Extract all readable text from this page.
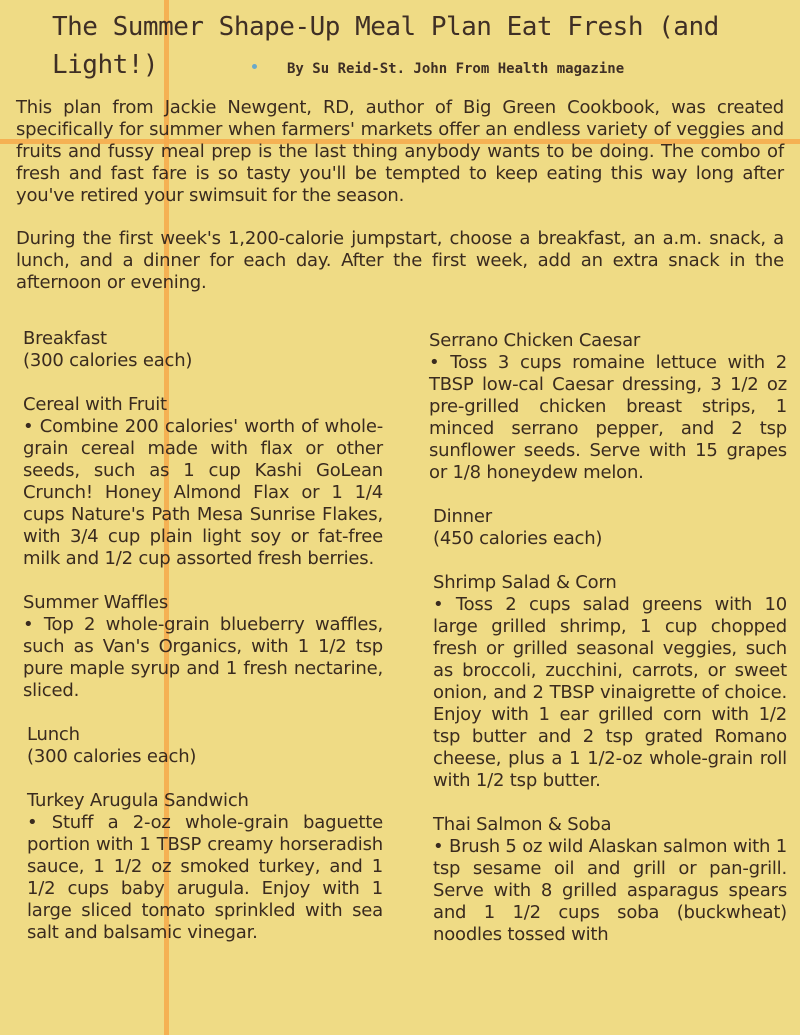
The Summer Shape-Up Meal Plan Eat Fresh (and Light!)	By Su Reid-St. John From Health magazine

This plan from Jackie Newgent, RD, author of Big Green Cookbook, was created specifically for summer when farmers' markets offer an endless variety of veggies and fruits and fussy meal prep is the last thing anybody wants to be doing. The combo of fresh and fast fare is so tasty you'll be tempted to keep eating this way long after you've retired your swimsuit for the season.

During the first week's 1,200-calorie jumpstart, choose a breakfast, an a.m. snack, a lunch, and a dinner for each day. After the first week, add an extra snack in the afternoon or evening.

Breakfast
(300 calories each)
Cereal with Fruit

• Combine 200 calories' worth of whole-grain cereal made with flax or other seeds, such as 1 cup Kashi GoLean Crunch! Honey Almond Flax or 1 1/4 cups Nature's Path Mesa Sunrise Flakes, with 3/4 cup plain light soy or fat-free milk and 1/2 cup assorted fresh berries.

Summer Waffles

• Top 2 whole-grain blueberry waffles, such as Van's Organics, with 1 1/2 tsp pure maple syrup and 1 fresh nectarine, sliced.

Lunch
(300 calories each)
Turkey Arugula Sandwich

• Stuff a 2-oz whole-grain baguette portion with 1 TBSP creamy horseradish sauce, 1 1/2 oz smoked turkey, and 1 1/2 cups baby arugula. Enjoy with 1 large sliced tomato sprinkled with sea salt and balsamic vinegar.

Serrano Chicken Caesar

• Toss 3 cups romaine lettuce with 2 TBSP low-cal Caesar dressing, 3 1/2 oz pre-grilled chicken breast strips, 1 minced serrano pepper, and 2 tsp sunflower seeds. Serve with 15 grapes or 1/8 honeydew melon.

Dinner
(450 calories each)
Shrimp Salad & Corn

• Toss 2 cups salad greens with 10 large grilled shrimp, 1 cup chopped fresh or grilled seasonal veggies, such as broccoli, zucchini, carrots, or sweet onion, and 2 TBSP vinaigrette of choice. Enjoy with 1 ear grilled corn with 1/2 tsp butter and 2 tsp grated Romano cheese, plus a 1 1/2-oz whole-grain roll with 1/2 tsp butter.

Thai Salmon & Soba

• Brush 5 oz wild Alaskan salmon with 1 tsp sesame oil and grill or pan-grill. Serve with 8 grilled asparagus spears and 1 1/2 cups soba (buckwheat) noodles tossed with
